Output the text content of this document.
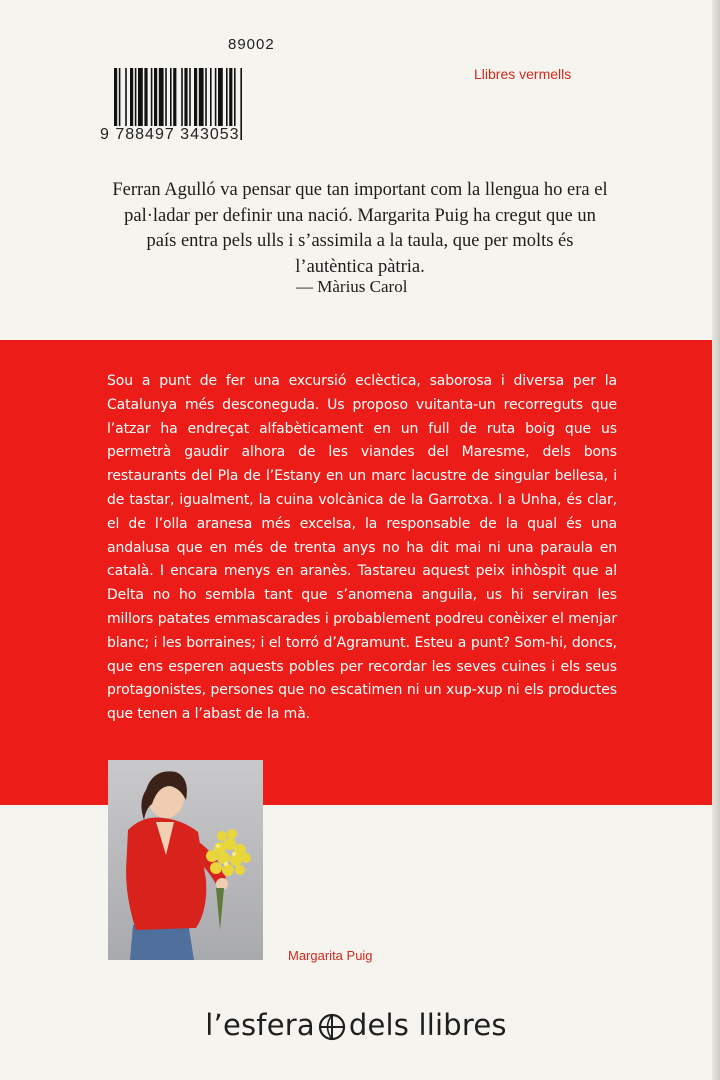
89002
9 788497 343053
Llibres vermells
Ferran Agulló va pensar que tan important com la llengua ho era el pal·ladar per definir una nació. Margarita Puig ha cregut que un país entra pels ulls i s’assimila a la taula, que per molts és l’autèntica pàtria.
— Màrius Carol
Sou a punt de fer una excursió eclèctica, saborosa i diversa per la Catalunya més desconeguda. Us proposo vuitanta-un recorreguts que l’atzar ha endreçat alfabèticament en un full de ruta boig que us permetrà gaudir alhora de les viandes del Maresme, dels bons restaurants del Pla de l’Estany en un marc lacustre de singular bellesa, i de tastar, igualment, la cuina volcànica de la Garrotxa. I a Unha, és clar, el de l’olla aranesa més excelsa, la responsable de la qual és una andalusa que en més de trenta anys no ha dit mai ni una paraula en català. I encara menys en aranès. Tastareu aquest peix inhòspit que al Delta no ho sembla tant que s’anomena anguila, us hi serviran les millors patates emmascarades i probablement podreu conèixer el menjar blanc; i les borraines; i el torró d’Agramunt. Esteu a punt? Som-hi, doncs, que ens esperen aquests pobles per recordar les seves cuines i els seus protagonistes, persones que no escatimen ni un xup-xup ni els productes que tenen a l’abast de la mà.
Margarita Puig
l’esfera dels llibres
